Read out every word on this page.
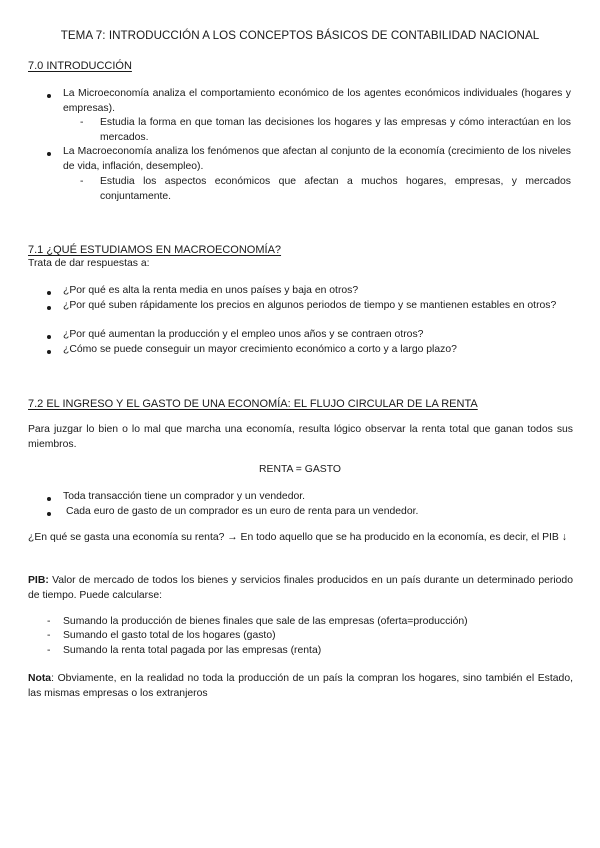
TEMA 7: INTRODUCCIÓN A LOS CONCEPTOS BÁSICOS DE CONTABILIDAD NACIONAL
7.0 INTRODUCCIÓN
La Microeconomía analiza el comportamiento económico de los agentes económicos individuales (hogares y empresas).
- Estudia la forma en que toman las decisiones los hogares y las empresas y cómo interactúan en los mercados.
La Macroeconomía analiza los fenómenos que afectan al conjunto de la economía (crecimiento de los niveles de vida, inflación, desempleo).
- Estudia los aspectos económicos que afectan a muchos hogares, empresas, y mercados conjuntamente.
7.1 ¿QUÉ ESTUDIAMOS EN MACROECONOMÍA?
Trata de dar respuestas a:
¿Por qué es alta la renta media en unos países y baja en otros?
¿Por qué suben rápidamente los precios en algunos periodos de tiempo y se mantienen estables en otros?
¿Por qué aumentan la producción y el empleo unos años y se contraen otros?
¿Cómo se puede conseguir un mayor crecimiento económico a corto y a largo plazo?
7.2 EL INGRESO Y EL GASTO DE UNA ECONOMÍA: EL FLUJO CIRCULAR DE LA RENTA
Para juzgar lo bien o lo mal que marcha una economía, resulta lógico observar la renta total que ganan todos sus miembros.
RENTA = GASTO
Toda transacción tiene un comprador y un vendedor.
Cada euro de gasto de un comprador es un euro de renta para un vendedor.
¿En qué se gasta una economía su renta? → En todo aquello que se ha producido en la economía, es decir, el PIB ↓
PIB: Valor de mercado de todos los bienes y servicios finales producidos en un país durante un determinado periodo de tiempo. Puede calcularse:
- Sumando la producción de bienes finales que sale de las empresas (oferta=producción)
- Sumando el gasto total de los hogares (gasto)
- Sumando la renta total pagada por las empresas (renta)
Nota: Obviamente, en la realidad no toda la producción de un país la compran los hogares, sino también el Estado, las mismas empresas o los extranjeros
